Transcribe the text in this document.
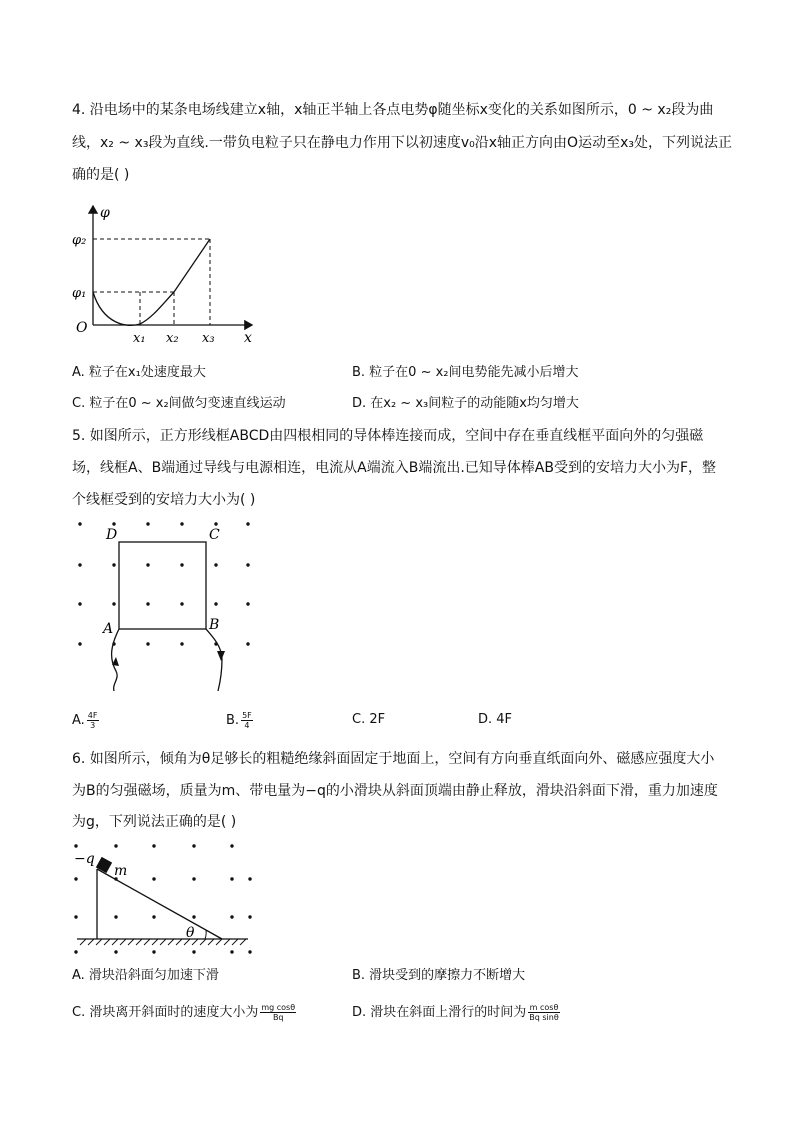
4. 沿电场中的某条电场线建立x轴，x轴正半轴上各点电势φ随坐标x变化的关系如图所示，0 ~ x₂段为曲
线，x₂ ~ x₃段为直线.一带负电粒子只在静电力作用下以初速度v₀沿x轴正方向由O运动至x₃处，下列说法正
确的是( )
φ
x
O
φ₂
φ₁
x₁ x₂ x₃
A. 粒子在x₁处速度最大	B. 粒子在0 ~ x₂间电势能先减小后增大
C. 粒子在0 ~ x₂间做匀变速直线运动	D. 在x₂ ~ x₃间粒子的动能随x均匀增大
5. 如图所示，正方形线框ABCD由四根相同的导体棒连接而成，空间中存在垂直线框平面向外的匀强磁
场，线框A、B端通过导线与电源相连，电流从A端流入B端流出.已知导体棒AB受到的安培力大小为F，整
个线框受到的安培力大小为( )
D	C
A	B
A. $\frac{4F}{3}$	B. $\frac{5F}{4}$	C. 2F	D. 4F
6. 如图所示，倾角为θ足够长的粗糙绝缘斜面固定于地面上，空间有方向垂直纸面向外、磁感应强度大小
为B的匀强磁场，质量为m、带电量为−q的小滑块从斜面顶端由静止释放，滑块沿斜面下滑，重力加速度
为g，下列说法正确的是( )
−q
m
θ
A. 滑块沿斜面匀加速下滑	B. 滑块受到的摩擦力不断增大
C. 滑块离开斜面时的速度大小为 $\frac{\text{mg cosθ}}{Bq}$	D. 滑块在斜面上滑行的时间为 $\frac{\text{m cosθ}}{\text{Bq sinθ}}$
